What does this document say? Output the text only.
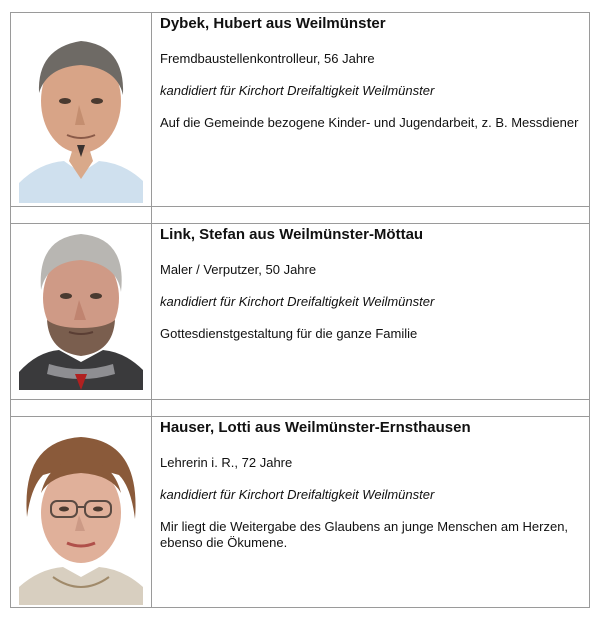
Dybek, Hubert aus Weilmünster

Fremdbaustellenkontrolleur, 56 Jahre

kandidiert für Kirchort Dreifaltigkeit Weilmünster

Auf die Gemeinde bezogene Kinder- und Jugendarbeit, z. B. Messdiener

Link, Stefan aus Weilmünster-Möttau

Maler / Verputzer, 50 Jahre

kandidiert für Kirchort Dreifaltigkeit Weilmünster

Gottesdienstgestaltung für die ganze Familie

Hauser, Lotti aus Weilmünster-Ernsthausen

Lehrerin i. R., 72 Jahre

kandidiert für Kirchort Dreifaltigkeit Weilmünster

Mir liegt die Weitergabe des Glaubens an junge Menschen am Herzen, ebenso die Ökumene.
